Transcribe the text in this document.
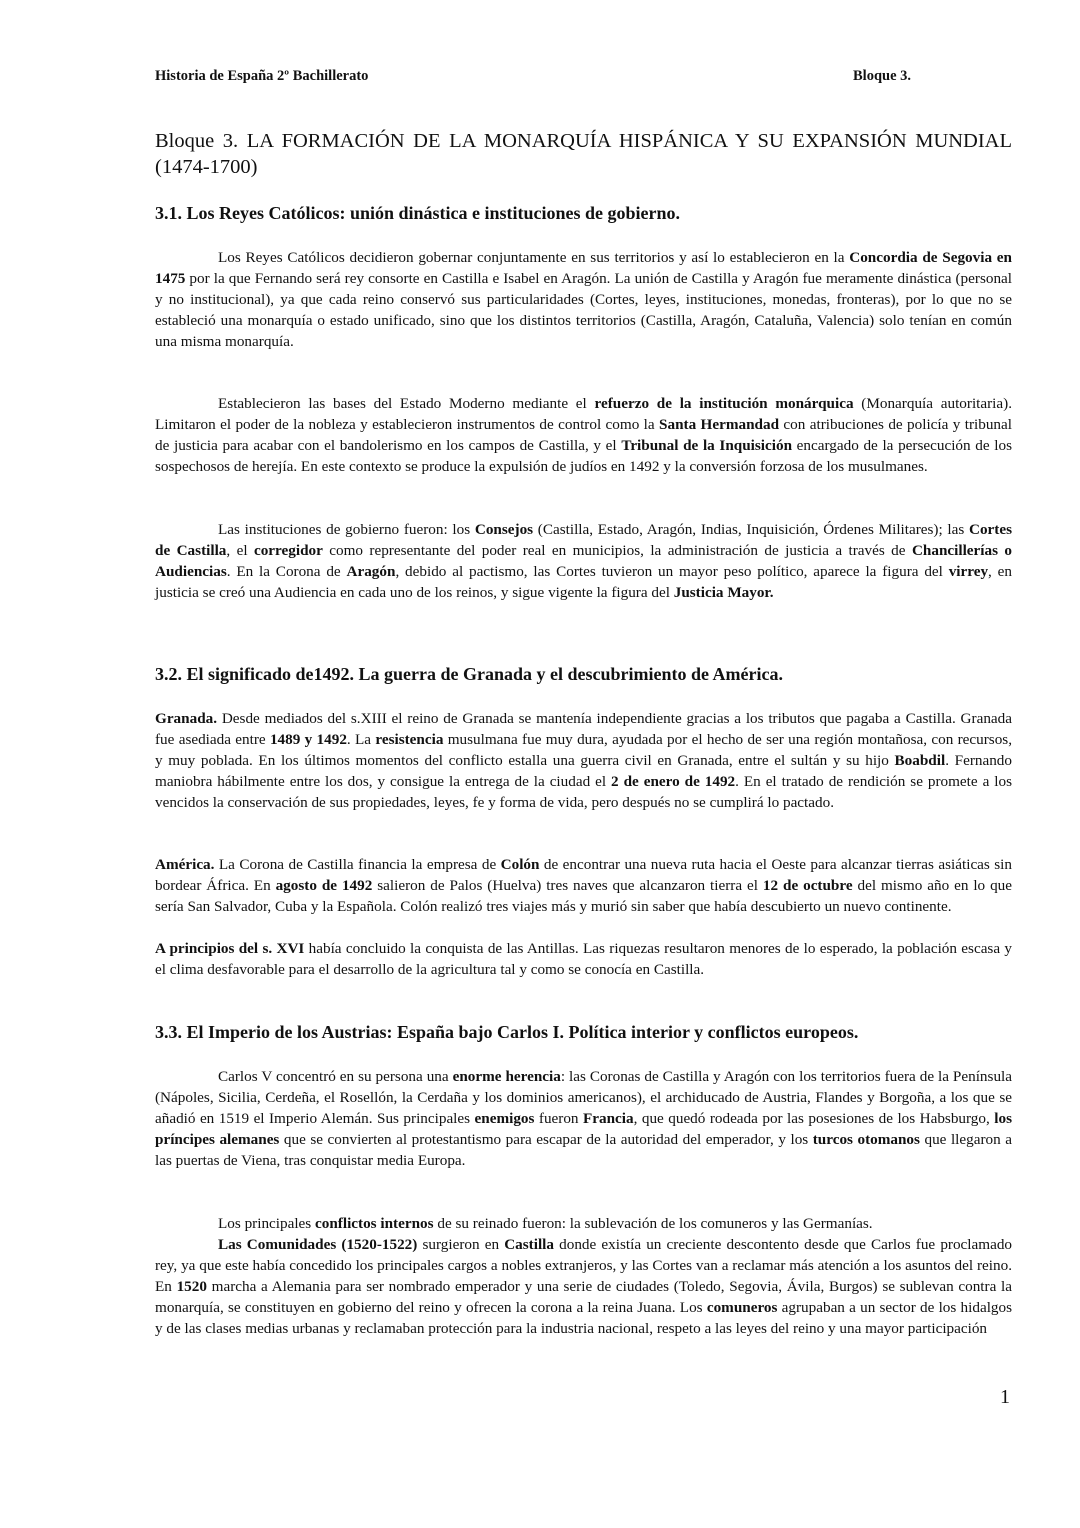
Historia de España 2º Bachillerato	Bloque 3.
Bloque 3. LA FORMACIÓN DE LA MONARQUÍA HISPÁNICA Y SU EXPANSIÓN MUNDIAL (1474-1700)
3.1. Los Reyes Católicos: unión dinástica e instituciones de gobierno.

Los Reyes Católicos decidieron gobernar conjuntamente en sus territorios y así lo establecieron en la Concordia de Segovia en 1475 por la que Fernando será rey consorte en Castilla e Isabel en Aragón. La unión de Castilla y Aragón fue meramente dinástica (personal y no institucional), ya que cada reino conservó sus particularidades (Cortes, leyes, instituciones, monedas, fronteras), por lo que no se estableció una monarquía o estado unificado, sino que los distintos territorios (Castilla, Aragón, Cataluña, Valencia) solo tenían en común una misma monarquía.

Establecieron las bases del Estado Moderno mediante el refuerzo de la institución monárquica (Monarquía autoritaria). Limitaron el poder de la nobleza y establecieron instrumentos de control como la Santa Hermandad con atribuciones de policía y tribunal de justicia para acabar con el bandolerismo en los campos de Castilla, y el Tribunal de la Inquisición encargado de la persecución de los sospechosos de herejía. En este contexto se produce la expulsión de judíos en 1492 y la conversión forzosa de los musulmanes.

Las instituciones de gobierno fueron: los Consejos (Castilla, Estado, Aragón, Indias, Inquisición, Órdenes Militares); las Cortes de Castilla, el corregidor como representante del poder real en municipios, la administración de justicia a través de Chancillerías o Audiencias. En la Corona de Aragón, debido al pactismo, las Cortes tuvieron un mayor peso político, aparece la figura del virrey, en justicia se creó una Audiencia en cada uno de los reinos, y sigue vigente la figura del Justicia Mayor.

3.2. El significado de1492. La guerra de Granada y el descubrimiento de América.

Granada. Desde mediados del s.XIII el reino de Granada se mantenía independiente gracias a los tributos que pagaba a Castilla. Granada fue asediada entre 1489 y 1492. La resistencia musulmana fue muy dura, ayudada por el hecho de ser una región montañosa, con recursos, y muy poblada. En los últimos momentos del conflicto estalla una guerra civil en Granada, entre el sultán y su hijo Boabdil. Fernando maniobra hábilmente entre los dos, y consigue la entrega de la ciudad el 2 de enero de 1492. En el tratado de rendición se promete a los vencidos la conservación de sus propiedades, leyes, fe y forma de vida, pero después no se cumplirá lo pactado.

América. La Corona de Castilla financia la empresa de Colón de encontrar una nueva ruta hacia el Oeste para alcanzar tierras asiáticas sin bordear África. En agosto de 1492 salieron de Palos (Huelva) tres naves que alcanzaron tierra el 12 de octubre del mismo año en lo que sería San Salvador, Cuba y la Española. Colón realizó tres viajes más y murió sin saber que había descubierto un nuevo continente.

A principios del s. XVI había concluido la conquista de las Antillas. Las riquezas resultaron menores de lo esperado, la población escasa y el clima desfavorable para el desarrollo de la agricultura tal y como se conocía en Castilla.

3.3. El Imperio de los Austrias: España bajo Carlos I. Política interior y conflictos europeos.

Carlos V concentró en su persona una enorme herencia: las Coronas de Castilla y Aragón con los territorios fuera de la Península (Nápoles, Sicilia, Cerdeña, el Rosellón, la Cerdaña y los dominios americanos), el archiducado de Austria, Flandes y Borgoña, a los que se añadió en 1519 el Imperio Alemán. Sus principales enemigos fueron Francia, que quedó rodeada por las posesiones de los Habsburgo, los príncipes alemanes que se convierten al protestantismo para escapar de la autoridad del emperador, y los turcos otomanos que llegaron a las puertas de Viena, tras conquistar media Europa.

Los principales conflictos internos de su reinado fueron: la sublevación de los comuneros y las Germanías.

Las Comunidades (1520-1522) surgieron en Castilla donde existía un creciente descontento desde que Carlos fue proclamado rey, ya que este había concedido los principales cargos a nobles extranjeros, y las Cortes van a reclamar más atención a los asuntos del reino. En 1520 marcha a Alemania para ser nombrado emperador y una serie de ciudades (Toledo, Segovia, Ávila, Burgos) se sublevan contra la monarquía, se constituyen en gobierno del reino y ofrecen la corona a la reina Juana. Los comuneros agrupaban a un sector de los hidalgos y de las clases medias urbanas y reclamaban protección para la industria nacional, respeto a las leyes del reino y una mayor participación

1
